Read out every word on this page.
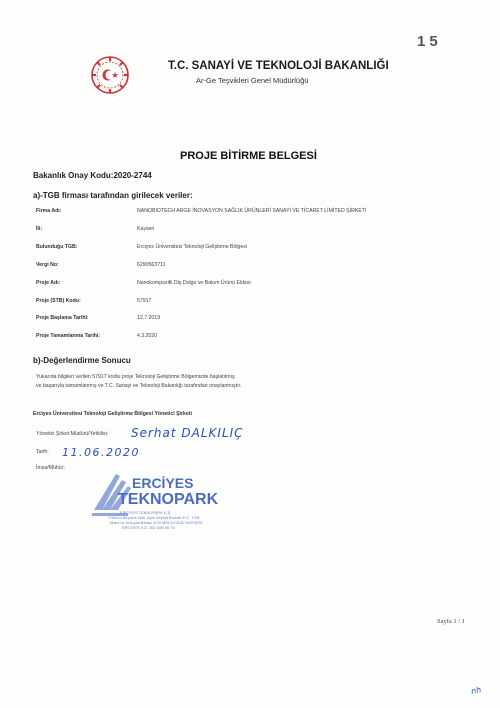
15
T.C. SANAYİ VE TEKNOLOJİ BAKANLIĞI
Ar-Ge Teşvikleri Genel Müdürlüğü
PROJE BİTİRME BELGESİ
Bakanlık Onay Kodu:2020-2744
a)-TGB firması tarafından girilecek veriler:
Firma Adı:	NANOBIOTECH ARGE İNOVASYON SAĞLIK ÜRÜNLERİ SANAYİ VE TİCARET LİMİTED ŞİRKETİ
İli:	Kayseri
Bulunduğu TGB:	Erciyes Üniversitesi Teknoloji Geliştirme Bölgesi
Vergi No:	6290563711
Proje Adı:	Nanokompozitli Diş Dolgu ve Bakım Ürünü Eldesi
Proje (STB) Kodu:	57917
Proje Başlama Tarihi:	12.7.2019
Proje Tamamlanma Tarihi:	4.3.2020
b)-Değerlendirme Sonucu
Yukarıda bilgileri verilen 57917 kodlu proje Teknoloji Geliştirme Bölgemizde başlatılmış
ve başarıyla tamamlanmış ve T.C. Sanayi ve Teknoloji Bakanlığı tarafından onaylanmıştır.
Erciyes Üniversitesi Teknoloji Geliştirme Bölgesi Yönetici Şirketi
Yönetici Şirket Müdürü/Yetkilisi: Serhat DALKILIÇ
Tarih: 11.06.2020
İmza/Mühür:
ERCİYES
TEKNOPARK
ERCİYES TEKNOPARK A.Ş.
Yıldırım Beyazıt Mah. Aşık Veysel Bulvarı E.Ü. TGB
İdare ve Kuluçka Binası 4/25 MELİKGAZİ/ KAYSERİ
ERCİYES V.D. 362 028 59 70
Sayfa 1 / 1
nh
